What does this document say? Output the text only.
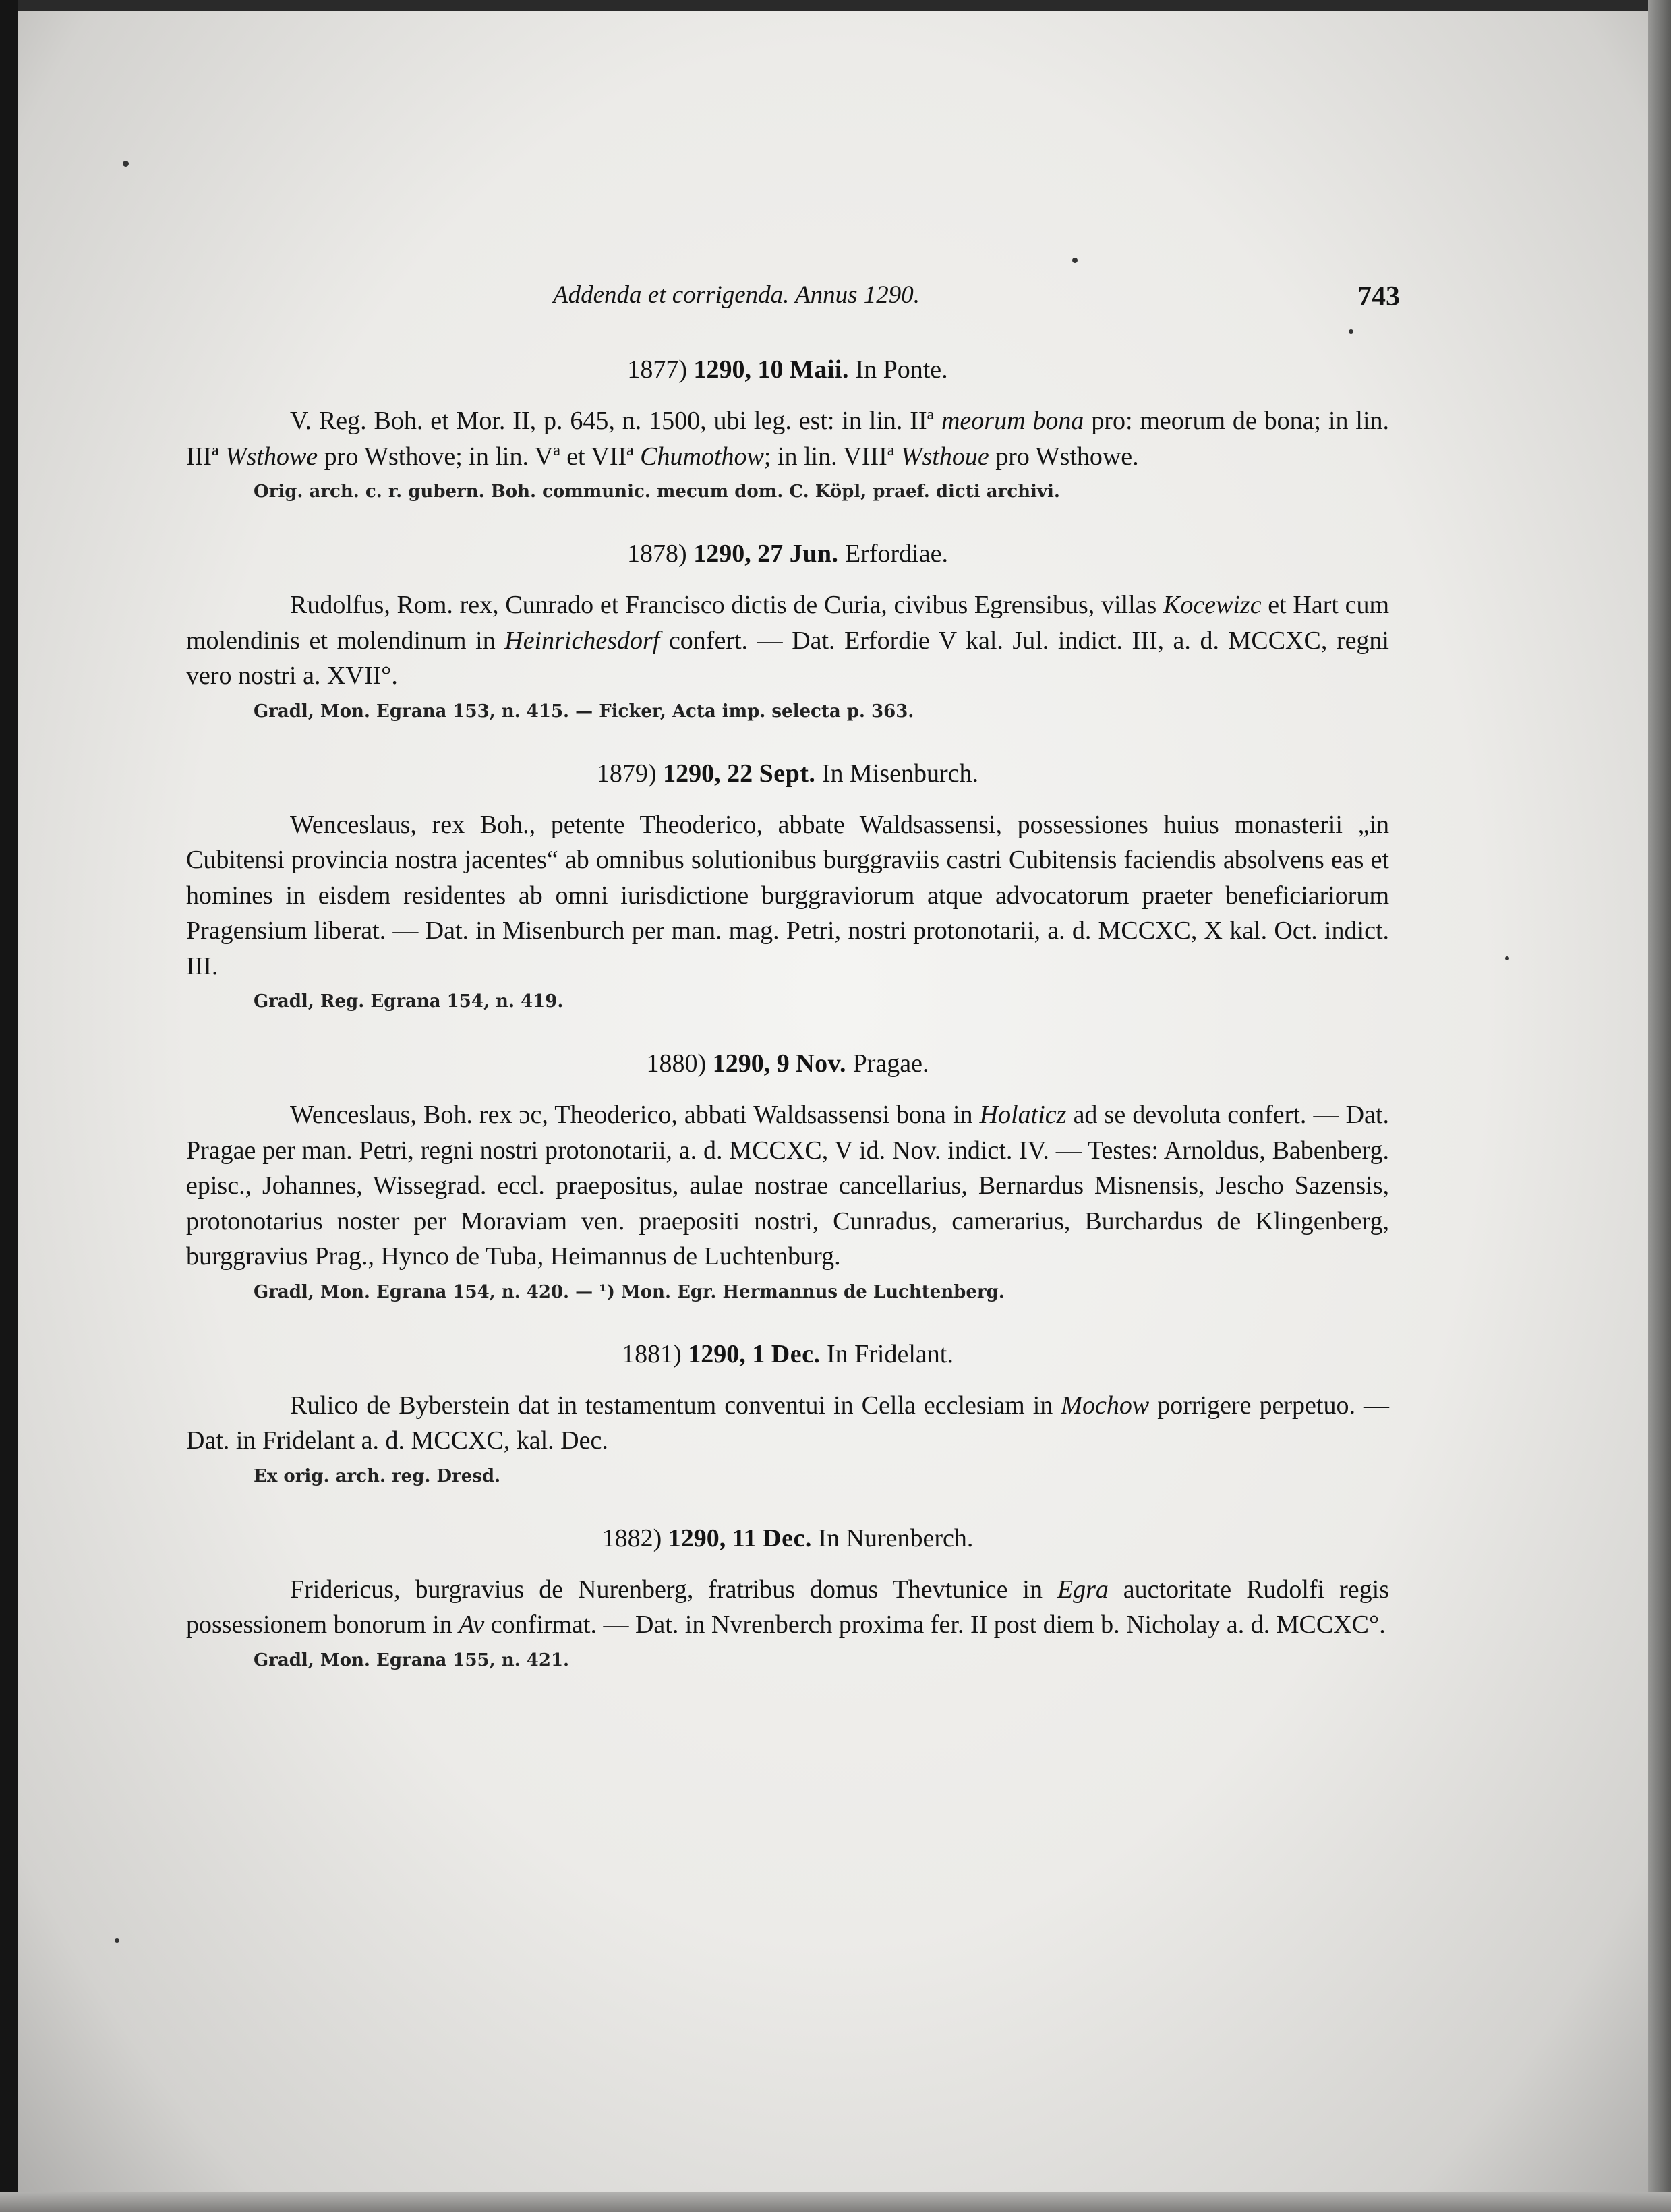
Addenda et corrigenda. Annus 1290.	743

1877) 1290, 10 Maii. In Ponte.

V. Reg. Boh. et Mor. II, p. 645, n. 1500, ubi leg. est: in lin. IIª meorum bona pro: meorum de bona; in lin. IIIª Wsthowe pro Wsthove; in lin. Vª et VIIª Chumothow; in lin. VIIIª Wsthoue pro Wsthowe.

Orig. arch. c. r. gubern. Boh. communic. mecum dom. C. Köpl, praef. dicti archivi.

1878) 1290, 27 Jun. Erfordiae.

Rudolfus, Rom. rex, Cunrado et Francisco dictis de Curia, civibus Egrensibus, villas Kocewizc et Hart cum molendinis et molendinum in Heinrichesdorf confert. — Dat. Erfordie V kal. Jul. indict. III, a. d. MCCXC, regni vero nostri a. XVII°.

Gradl, Mon. Egrana 153, n. 415. — Ficker, Acta imp. selecta p. 363.

1879) 1290, 22 Sept. In Misenburch.

Wenceslaus, rex Boh., petente Theoderico, abbate Waldsassensi, possessiones huius monasterii „in Cubitensi provincia nostra jacentes“ ab omnibus solutionibus burggraviis castri Cubitensis faciendis absolvens eas et homines in eisdem residentes ab omni iurisdictione burggraviorum atque advocatorum praeter beneficiariorum Pragensium liberat. — Dat. in Misenburch per man. mag. Petri, nostri protonotarii, a. d. MCCXC, X kal. Oct. indict. III.

Gradl, Reg. Egrana 154, n. 419.

1880) 1290, 9 Nov. Pragae.

Wenceslaus, Boh. rex ɔc, Theoderico, abbati Waldsassensi bona in Holaticz ad se devoluta confert. — Dat. Pragae per man. Petri, regni nostri protonotarii, a. d. MCCXC, V id. Nov. indict. IV. — Testes: Arnoldus, Babenberg. episc., Johannes, Wissegrad. eccl. praepositus, aulae nostrae cancellarius, Bernardus Misnensis, Jescho Sazensis, protonotarius noster per Moraviam ven. praepositi nostri, Cunradus, camerarius, Burchardus de Klingenberg, burggravius Prag., Hynco de Tuba, Heimannus de Luchtenburg.

Gradl, Mon. Egrana 154, n. 420. — ¹) Mon. Egr. Hermannus de Luchtenberg.

1881) 1290, 1 Dec. In Fridelant.

Rulico de Byberstein dat in testamentum conventui in Cella ecclesiam in Mochow porrigere perpetuo. — Dat. in Fridelant a. d. MCCXC, kal. Dec.

Ex orig. arch. reg. Dresd.

1882) 1290, 11 Dec. In Nurenberch.

Fridericus, burgravius de Nurenberg, fratribus domus Thevtunice in Egra auctoritate Rudolfi regis possessionem bonorum in Av confirmat. — Dat. in Nvrenberch proxima fer. II post diem b. Nicholay a. d. MCCXC°.

Gradl, Mon. Egrana 155, n. 421.
